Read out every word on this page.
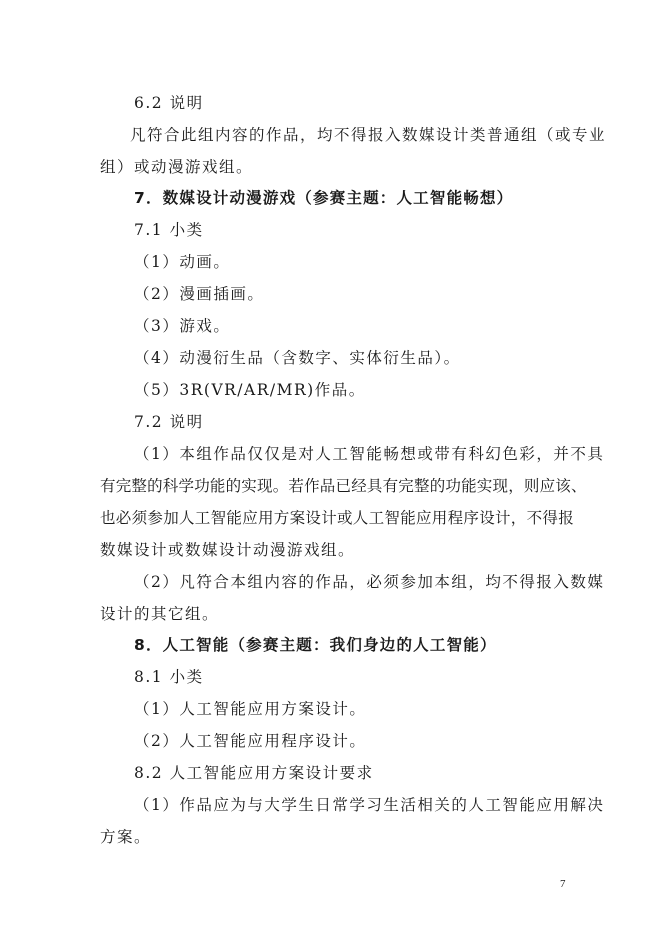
6.2 说明
凡符合此组内容的作品，均不得报入数媒设计类普通组（或专业
组）或动漫游戏组。
7．数媒设计动漫游戏（参赛主题：人工智能畅想）
7.1 小类
（1）动画。
（2）漫画插画。
（3）游戏。
（4）动漫衍生品（含数字、实体衍生品）。
（5）3R(VR/AR/MR)作品。
7.2 说明
（1）本组作品仅仅是对人工智能畅想或带有科幻色彩，并不具
有完整的科学功能的实现。若作品已经具有完整的功能实现，则应该、
也必须参加人工智能应用方案设计或人工智能应用程序设计，不得报
数媒设计或数媒设计动漫游戏组。
（2）凡符合本组内容的作品，必须参加本组，均不得报入数媒
设计的其它组。
8．人工智能（参赛主题：我们身边的人工智能）
8.1 小类
（1）人工智能应用方案设计。
（2）人工智能应用程序设计。
8.2 人工智能应用方案设计要求
（1）作品应为与大学生日常学习生活相关的人工智能应用解决
方案。
7
